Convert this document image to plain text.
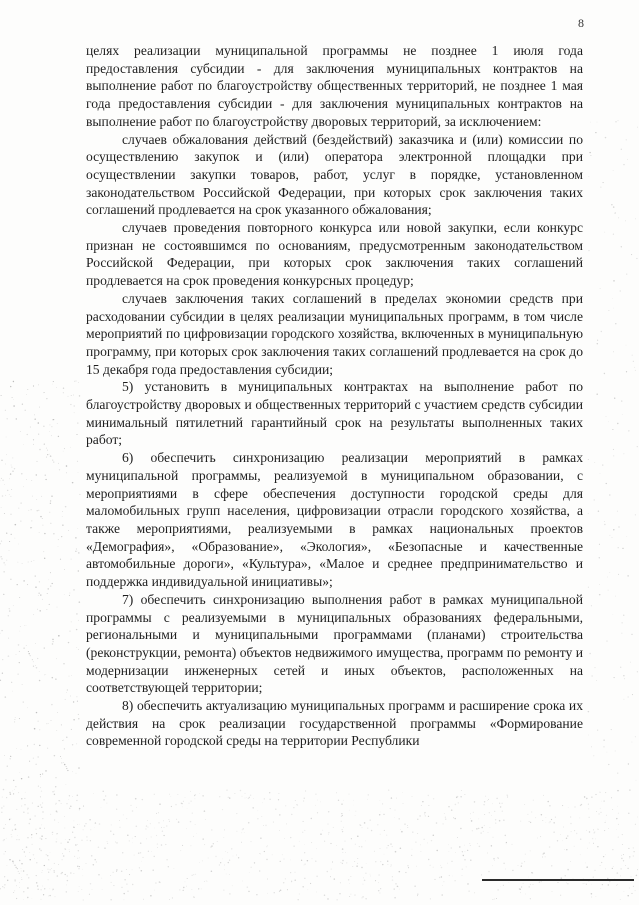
8

целях реализации муниципальной программы не позднее 1 июля года предоставления субсидии - для заключения муниципальных контрактов на выполнение работ по благоустройству общественных территорий, не позднее 1 мая года предоставления субсидии - для заключения муниципальных контрактов на выполнение работ по благоустройству дворовых территорий, за исключением:

случаев обжалования действий (бездействий) заказчика и (или) комиссии по осуществлению закупок и (или) оператора электронной площадки при осуществлении закупки товаров, работ, услуг в порядке, установленном законодательством Российской Федерации, при которых срок заключения таких соглашений продлевается на срок указанного обжалования;

случаев проведения повторного конкурса или новой закупки, если конкурс признан не состоявшимся по основаниям, предусмотренным законодательством Российской Федерации, при которых срок заключения таких соглашений продлевается на срок проведения конкурсных процедур;

случаев заключения таких соглашений в пределах экономии средств при расходовании субсидии в целях реализации муниципальных программ, в том числе мероприятий по цифровизации городского хозяйства, включенных в муниципальную программу, при которых срок заключения таких соглашений продлевается на срок до 15 декабря года предоставления субсидии;

5) установить в муниципальных контрактах на выполнение работ по благоустройству дворовых и общественных территорий с участием средств субсидии минимальный пятилетний гарантийный срок на результаты выполненных таких работ;

6) обеспечить синхронизацию реализации мероприятий в рамках муниципальной программы, реализуемой в муниципальном образовании, с мероприятиями в сфере обеспечения доступности городской среды для маломобильных групп населения, цифровизации отрасли городского хозяйства, а также мероприятиями, реализуемыми в рамках национальных проектов «Демография», «Образование», «Экология», «Безопасные и качественные автомобильные дороги», «Культура», «Малое и среднее предпринимательство и поддержка индивидуальной инициативы»;

7) обеспечить синхронизацию выполнения работ в рамках муниципальной программы с реализуемыми в муниципальных образованиях федеральными, региональными и муниципальными программами (планами) строительства (реконструкции, ремонта) объектов недвижимого имущества, программ по ремонту и модернизации инженерных сетей и иных объектов, расположенных на соответствующей территории;

8) обеспечить актуализацию муниципальных программ и расширение срока их действия на срок реализации государственной программы «Формирование современной городской среды на территории Республики
